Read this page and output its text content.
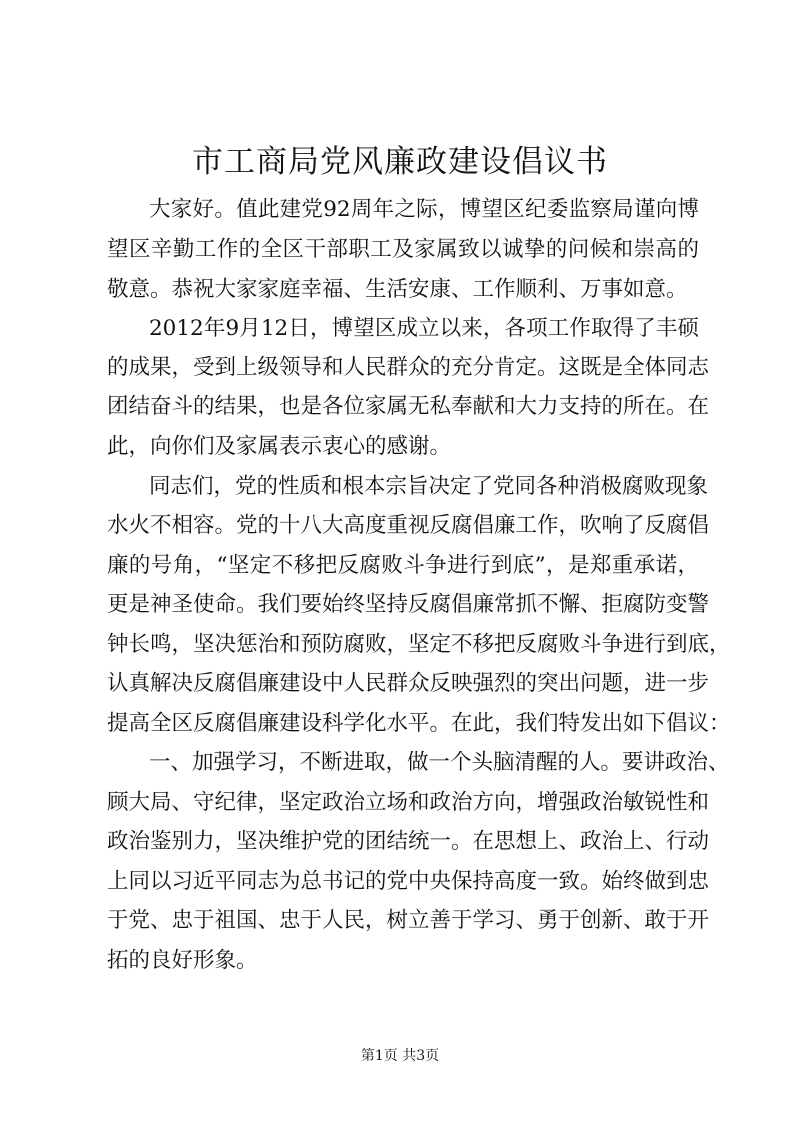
市工商局党风廉政建设倡议书
大家好。值此建党92周年之际，博望区纪委监察局谨向博
望区辛勤工作的全区干部职工及家属致以诚挚的问候和崇高的
敬意。恭祝大家家庭幸福、生活安康、工作顺利、万事如意。
2012年9月12日，博望区成立以来，各项工作取得了丰硕
的成果，受到上级领导和人民群众的充分肯定。这既是全体同志
团结奋斗的结果，也是各位家属无私奉献和大力支持的所在。在
此，向你们及家属表示衷心的感谢。
同志们，党的性质和根本宗旨决定了党同各种消极腐败现象
水火不相容。党的十八大高度重视反腐倡廉工作，吹响了反腐倡
廉的号角，“坚定不移把反腐败斗争进行到底”，是郑重承诺，
更是神圣使命。我们要始终坚持反腐倡廉常抓不懈、拒腐防变警
钟长鸣，坚决惩治和预防腐败，坚定不移把反腐败斗争进行到底，
认真解决反腐倡廉建设中人民群众反映强烈的突出问题，进一步
提高全区反腐倡廉建设科学化水平。在此，我们特发出如下倡议：
一、加强学习，不断进取，做一个头脑清醒的人。要讲政治、
顾大局、守纪律，坚定政治立场和政治方向，增强政治敏锐性和
政治鉴别力，坚决维护党的团结统一。在思想上、政治上、行动
上同以习近平同志为总书记的党中央保持高度一致。始终做到忠
于党、忠于祖国、忠于人民，树立善于学习、勇于创新、敢于开
拓的良好形象。
第1页 共3页
